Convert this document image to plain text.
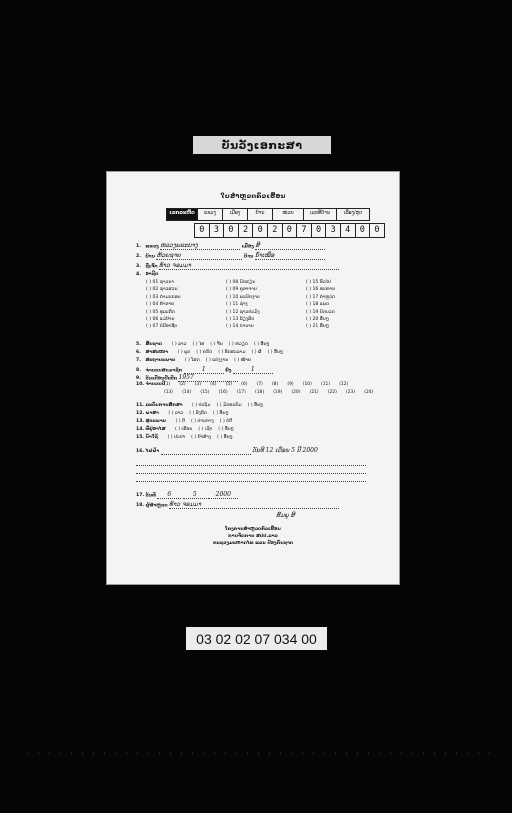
ບັນວັງເອກະສາ
ໃບສຳຫຼວດຄົວເຮືອນ
ເລກລະຫັດ	ແຂວງ	ເມືອງ	ບ້ານ	ໜ່ວຍ	ເລກທີ່ບ້ານ	ເລື່ອງ/ສູດ
0	3	0	2	0	2	0	7	0	3	4	0	0
1. ແຂວງ ຫລວງພຣະບາງ	ເມືອງ ສີ
2. ບ້ານ ຫ້ວຍຊາຍ	ບ້ານ ນໍ້າເໝືອ
3. ຊື່ເຈົ້າ ທ້າວ ຈອມມາ
4. ອາຊີບ
( ) 01 ຊາວນາ	( ) 08 ນັກຮຽນ	( ) 15 ທົ່ວໄປ
( ) 02 ຊາວສວນ	( ) 09 ຄູອາຈານ	( ) 16 ທະຫານ
( ) 03 ກຳມະກອນ	( ) 10 ພະນັກງານ	( ) 17 ຕຳຫຼວດ
( ) 04 ຄ້າຂາຍ	( ) 11 ຊ່າງ	( ) 18 ແພດ
( ) 05 ທຸລະກິດ	( ) 12 ຊາວປະມົງ	( ) 19 ນັກບວດ
( ) 06 ແມ່ບ້ານ	( ) 13 ລ້ຽງສັດ	( ) 20 ອື່ນໆ
( ) 07 ບໍ່ມີອາຊີບ	( ) 14 ບຳນານ	( ) 21 ອື່ນໆ
5. ສັນຊາດ ( ) ລາວ ( ) ໄທ ( ) ຈີນ ( ) ຫວຽດ ( ) ອື່ນໆ
6. ສາສະໜາ ( ) ພຸດ ( ) ຄຣິດ ( ) ອິດສະລາມ ( ) ຜີ ( ) ອື່ນໆ
7. ສະຖານະພາບ ( ) ໂສດ ( ) ແຕ່ງງານ ( ) ໝ້າຍ
8. ຈຳນວນສະມາຊິກ	1	ຍິງ	1
9. ວັນເດືອນປີເກີດ 1957
10. ຈຳນວນປີ
(1) (2) (3) (4) (5) (6) (7) (8) (9) (10) (11) (12)
(13) (14) (15) (16) (17) (18) (19) (20) (21) (22) (23) (24)
11. ລະດັບການສຶກສາ ( ) ປະຖົມ ( ) ມັດທະຍົມ ( ) ອື່ນໆ
12. ພາສາ ( ) ລາວ ( ) ອັງກິດ ( ) ອື່ນໆ
13. ສຸຂະພາບ ( ) ດີ ( ) ປານກາງ ( ) ບໍ່ດີ
14. ທີ່ຢູ່ອາໄສ ( ) ເຮືອນ ( ) ເຊົ່າ ( ) ອື່ນໆ
15. ນໍ້າໃຊ້ ( ) ປະປາ ( ) ນໍ້າສ້າງ ( ) ອື່ນໆ
16. ໄຟຟ້າ	ວັນທີ 12 ເດືອນ 5 ປີ 2000
17. ວັນທີ 6	5	2000
18. ຜູ້ສຳຫຼວດ ທ້າວ ຈອມມາ
ສົມພູ ສີ
ໂຄງການສຳຫຼວດຄົວເຮືອນ
ການຈັດການ ສປປ.ລາວ
ກະຊວງມະຫາດໄທ ແລະ ປ້ອງກັນຊາດ
03 02 02 07 034 00
